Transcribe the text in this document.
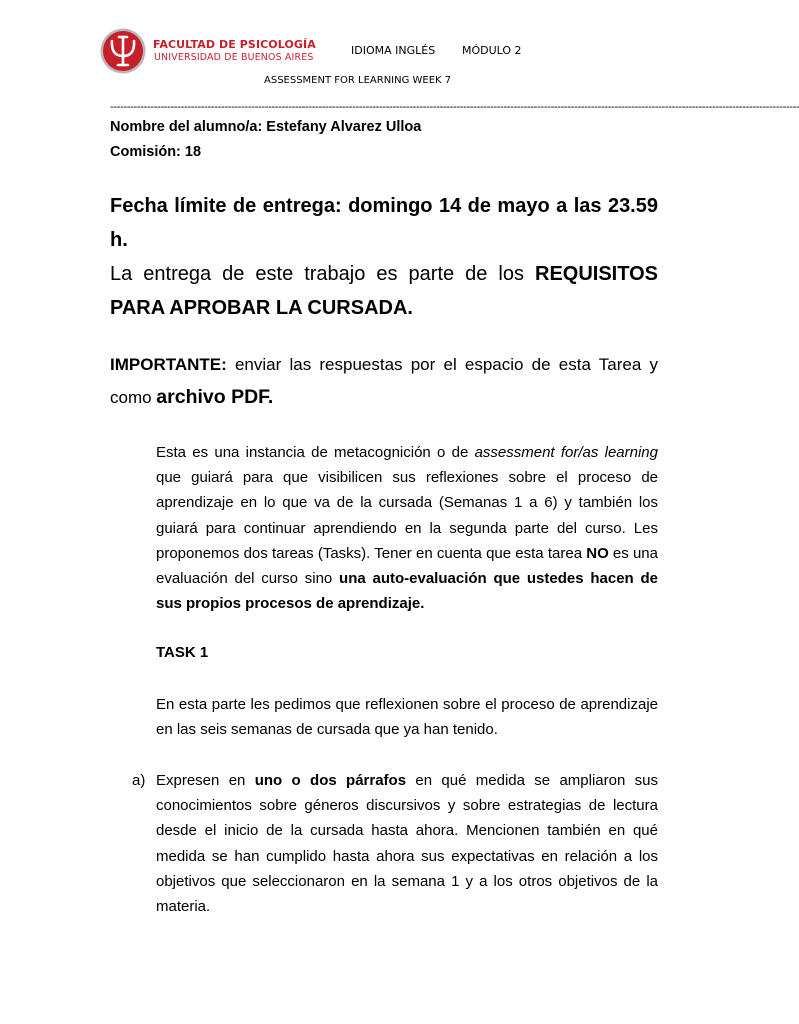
FACULTAD DE PSICOLOGÍA
UNIVERSIDAD DE BUENOS AIRES
IDIOMA INGLÉS MÓDULO 2
ASSESSMENT FOR LEARNING WEEK 7
-------------------------------------------------------------------------------------------------------------------------------------------------------------------------------------------------------------
Nombre del alumno/a: Estefany Alvarez Ulloa
Comisión: 18
Fecha límite de entrega: domingo 14 de mayo a las 23.59 h.
La entrega de este trabajo es parte de los REQUISITOS PARA APROBAR LA CURSADA.
IMPORTANTE: enviar las respuestas por el espacio de esta Tarea y como archivo PDF.
Esta es una instancia de metacognición o de assessment for/as learning que guiará para que visibilicen sus reflexiones sobre el proceso de aprendizaje en lo que va de la cursada (Semanas 1 a 6) y también los guiará para continuar aprendiendo en la segunda parte del curso. Les proponemos dos tareas (Tasks). Tener en cuenta que esta tarea NO es una evaluación del curso sino una auto-evaluación que ustedes hacen de sus propios procesos de aprendizaje.
TASK 1
En esta parte les pedimos que reflexionen sobre el proceso de aprendizaje en las seis semanas de cursada que ya han tenido.
a) Expresen en uno o dos párrafos en qué medida se ampliaron sus conocimientos sobre géneros discursivos y sobre estrategias de lectura desde el inicio de la cursada hasta ahora. Mencionen también en qué medida se han cumplido hasta ahora sus expectativas en relación a los objetivos que seleccionaron en la semana 1 y a los otros objetivos de la materia.
